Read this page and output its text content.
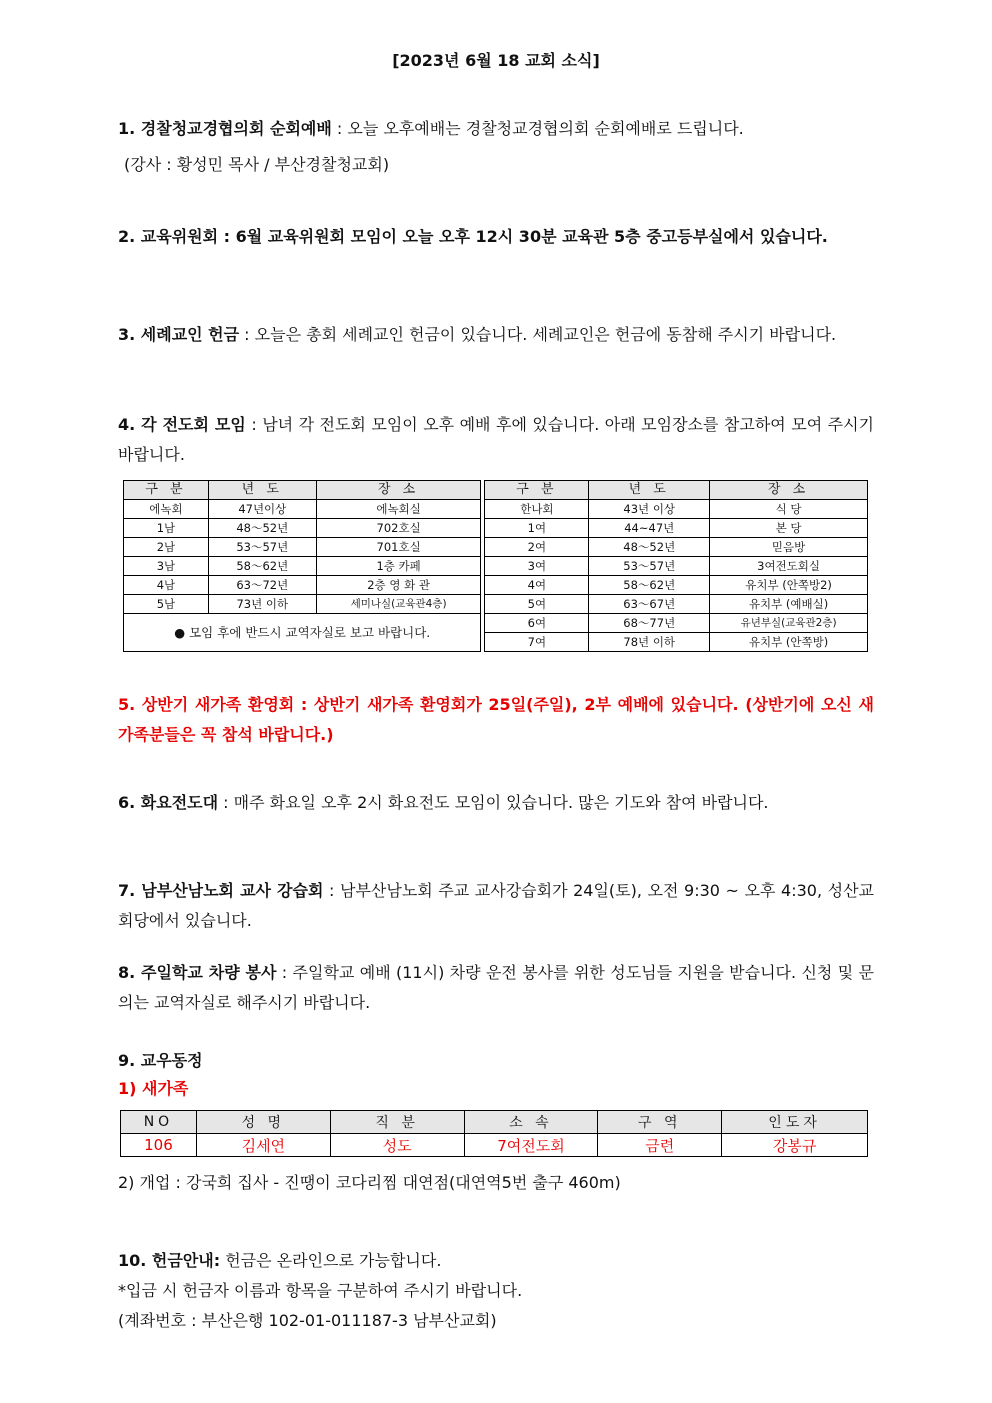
[2023년 6월 18 교회 소식]
1. 경찰청교경협의회 순회예배 : 오늘 오후예배는 경찰청교경협의회 순회예배로 드립니다.
(강사 : 황성민 목사 / 부산경찰청교회)
2. 교육위원회 : 6월 교육위원회 모임이 오늘 오후 12시 30분 교육관 5층 중고등부실에서 있습니다.
3. 세례교인 헌금 : 오늘은 총회 세례교인 헌금이 있습니다. 세례교인은 헌금에 동참해 주시기 바랍니다.
4. 각 전도회 모임 : 남녀 각 전도회 모임이 오후 예배 후에 있습니다. 아래 모임장소를 참고하여 모여 주시기 바랍니다.
구 분	년 도	장 소		구 분	년 도	장 소
에녹회	47년이상	에녹회실		한나회	43년 이상	식 당
1남	48～52년	702호실		1여	44~47년	본 당
2남	53～57년	701호실		2여	48～52년	믿음방
3남	58～62년	1층 카페		3여	53～57년	3여전도회실
4남	63～72년	2층 영 화 관		4여	58～62년	유치부 (안쪽방2)
5남	73년 이하	세미나실(교육관4층)		5여	63～67년	유치부 (예배실)
● 모임 후에 반드시 교역자실로 보고 바랍니다.				6여	68～77년	유년부실(교육관2층)
				7여	78년 이하	유치부 (안쪽방)
5. 상반기 새가족 환영회 : 상반기 새가족 환영회가 25일(주일), 2부 예배에 있습니다. (상반기에 오신 새가족분들은 꼭 참석 바랍니다.)
6. 화요전도대 : 매주 화요일 오후 2시 화요전도 모임이 있습니다. 많은 기도와 참여 바랍니다.
7. 남부산남노회 교사 강습회 : 남부산남노회 주교 교사강습회가 24일(토), 오전 9:30 ~ 오후 4:30, 성산교회당에서 있습니다.
8. 주일학교 차량 봉사 : 주일학교 예배 (11시) 차량 운전 봉사를 위한 성도님들 지원을 받습니다. 신청 및 문의는 교역자실로 해주시기 바랍니다.
9. 교우동정
1) 새가족
NO	성 명	직 분	소 속	구 역	인도자
106	김세연	성도	7여전도회	금련	강봉규
2) 개업 : 강국희 집사 - 진땡이 코다리찜 대연점(대연역5번 출구 460m)
10. 헌금안내: 헌금은 온라인으로 가능합니다.
*입금 시 헌금자 이름과 항목을 구분하여 주시기 바랍니다.
(계좌번호 : 부산은행 102-01-011187-3 남부산교회)
